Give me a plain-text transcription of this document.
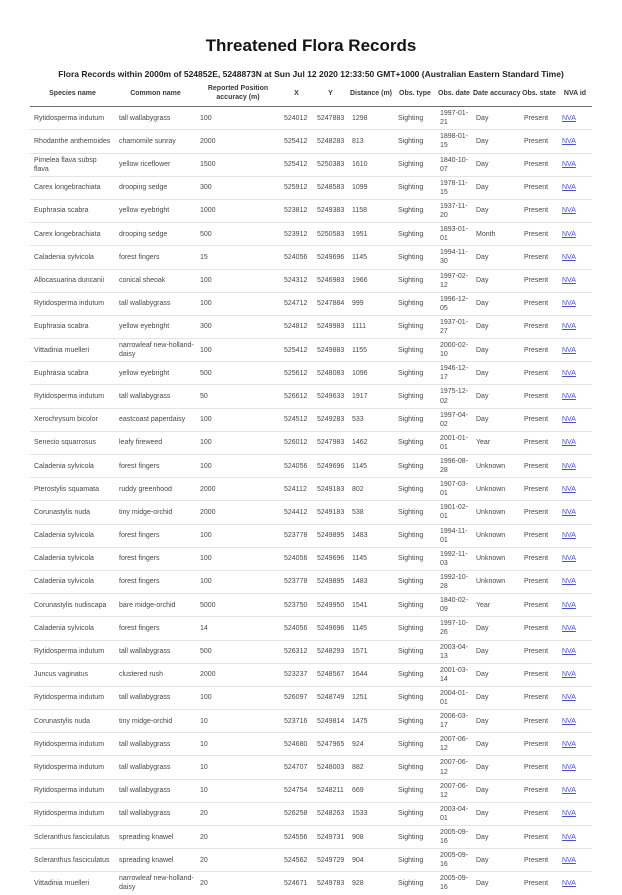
Threatened Flora Records
Flora Records within 2000m of 524852E, 5248873N at Sun Jul 12 2020 12:33:50 GMT+1000 (Australian Eastern Standard Time)
Species name	Common name	Reported Position accuracy (m)	X	Y	Distance (m)	Obs. type	Obs. date	Date accuracy	Obs. state	NVA id
Rytidosperma indutum	tall wallabygrass	100	524012	5247883	1298	Sighting	1997-01-21	Day	Present	NVA
Rhodanthe anthemoides	chamomile sunray	2000	525412	5248283	813	Sighting	1898-01-15	Day	Present	NVA
Pimelea flava subsp flava	yellow riceflower	1500	525412	5250383	1610	Sighting	1840-10-07	Day	Present	NVA
Carex longebrachiata	drooping sedge	300	525912	5248583	1099	Sighting	1978-11-15	Day	Present	NVA
Euphrasia scabra	yellow eyebright	1000	523812	5249383	1158	Sighting	1937-11-20	Day	Present	NVA
Carex longebrachiata	drooping sedge	500	523912	5250583	1951	Sighting	1893-01-01	Month	Present	NVA
Caladenia sylvicola	forest fingers	15	524056	5249696	1145	Sighting	1994-11-30	Day	Present	NVA
Allocasuarina duncanii	conical sheoak	100	524312	5246983	1966	Sighting	1997-02-12	Day	Present	NVA
Rytidosperma indutum	tall wallabygrass	100	524712	5247884	999	Sighting	1996-12-05	Day	Present	NVA
Euphrasia scabra	yellow eyebright	300	524812	5249983	1111	Sighting	1937-01-27	Day	Present	NVA
Vittadinia muelleri	narrowleaf new-holland-daisy	100	525412	5249883	1155	Sighting	2000-02-10	Day	Present	NVA
Euphrasia scabra	yellow eyebright	500	525612	5248083	1096	Sighting	1946-12-17	Day	Present	NVA
Rytidosperma indutum	tall wallabygrass	50	526612	5249633	1917	Sighting	1975-12-02	Day	Present	NVA
Xerochrysum bicolor	eastcoast paperdaisy	100	524512	5249283	533	Sighting	1997-04-02	Day	Present	NVA
Senecio squarrosus	leafy fireweed	100	526012	5247983	1462	Sighting	2001-01-01	Year	Present	NVA
Caladenia sylvicola	forest fingers	100	524056	5249696	1145	Sighting	1996-08-28	Unknown	Present	NVA
Pterostylis squamata	ruddy greenhood	2000	524112	5249183	802	Sighting	1907-03-01	Unknown	Present	NVA
Corunastylis nuda	tiny midge-orchid	2000	524412	5249183	538	Sighting	1901-02-01	Unknown	Present	NVA
Caladenia sylvicola	forest fingers	100	523778	5249895	1483	Sighting	1994-11-01	Unknown	Present	NVA
Caladenia sylvicola	forest fingers	100	524056	5249696	1145	Sighting	1992-11-03	Unknown	Present	NVA
Caladenia sylvicola	forest fingers	100	523778	5249895	1483	Sighting	1992-10-28	Unknown	Present	NVA
Corunastylis nudiscapa	bare midge-orchid	5000	523750	5249950	1541	Sighting	1840-02-09	Year	Present	NVA
Caladenia sylvicola	forest fingers	14	524056	5249696	1145	Sighting	1997-10-26	Day	Present	NVA
Rytidosperma indutum	tall wallabygrass	500	526312	5248293	1571	Sighting	2003-04-13	Day	Present	NVA
Juncus vaginatus	clustered rush	2000	523237	5248567	1644	Sighting	2001-03-14	Day	Present	NVA
Rytidosperma indutum	tall wallabygrass	100	526097	5248749	1251	Sighting	2004-01-01	Day	Present	NVA
Corunastylis nuda	tiny midge-orchid	10	523716	5249814	1475	Sighting	2006-03-17	Day	Present	NVA
Rytidosperma indutum	tall wallabygrass	10	524680	5247965	924	Sighting	2007-06-12	Day	Present	NVA
Rytidosperma indutum	tall wallabygrass	10	524707	5248003	882	Sighting	2007-06-12	Day	Present	NVA
Rytidosperma indutum	tall wallabygrass	10	524754	5248211	669	Sighting	2007-06-12	Day	Present	NVA
Rytidosperma indutum	tall wallabygrass	20	526258	5248263	1533	Sighting	2003-04-01	Day	Present	NVA
Scleranthus fasciculatus	spreading knawel	20	524556	5249731	908	Sighting	2005-09-16	Day	Present	NVA
Scleranthus fasciculatus	spreading knawel	20	524562	5249729	904	Sighting	2005-09-16	Day	Present	NVA
Vittadinia muelleri	narrowleaf new-holland-daisy	20	524671	5249783	928	Sighting	2005-09-16	Day	Present	NVA
